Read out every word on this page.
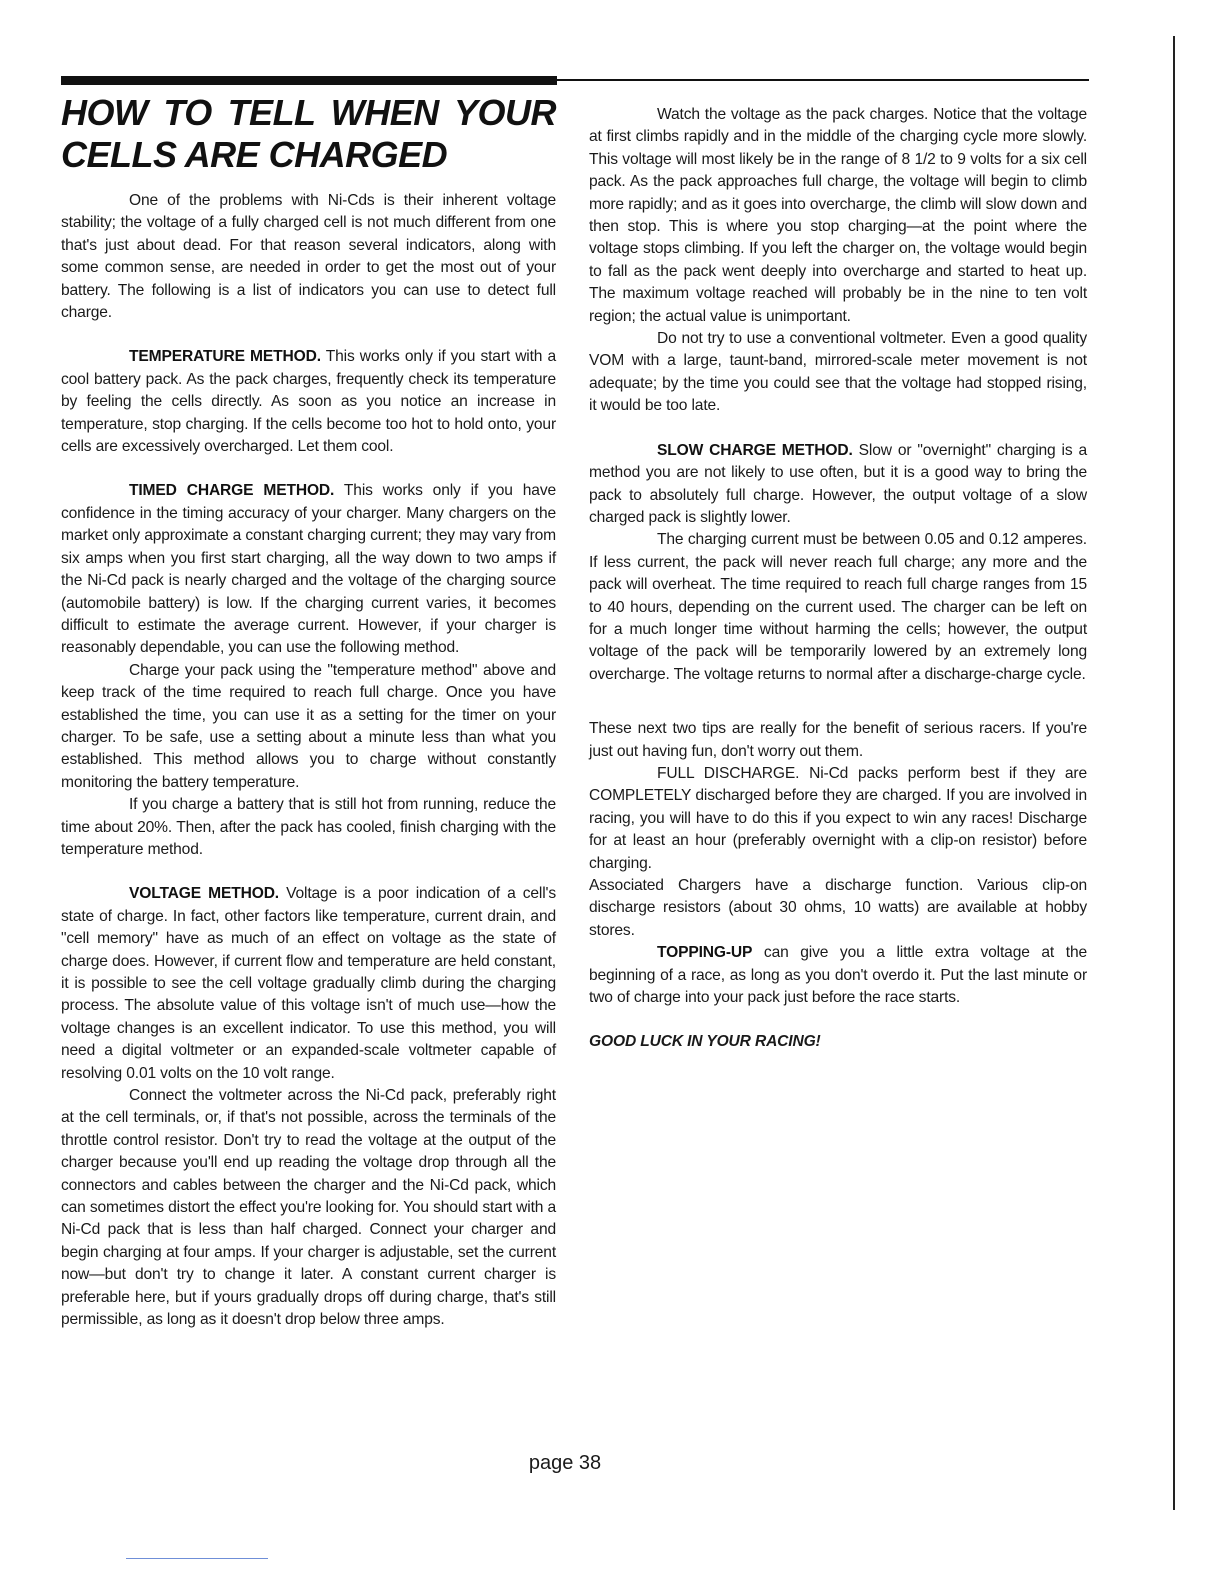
HOW TO TELL WHEN YOUR CELLS ARE CHARGED

One of the problems with Ni-Cds is their inherent voltage stability; the voltage of a fully charged cell is not much different from one that's just about dead. For that reason several indicators, along with some common sense, are needed in order to get the most out of your battery. The following is a list of indicators you can use to detect full charge.

TEMPERATURE METHOD. This works only if you start with a cool battery pack. As the pack charges, frequently check its temperature by feeling the cells directly. As soon as you notice an increase in temperature, stop charging. If the cells become too hot to hold onto, your cells are excessively overcharged. Let them cool.

TIMED CHARGE METHOD. This works only if you have confidence in the timing accuracy of your charger. Many chargers on the market only approximate a constant charging current; they may vary from six amps when you first start charging, all the way down to two amps if the Ni-Cd pack is nearly charged and the voltage of the charging source (automobile battery) is low. If the charging current varies, it becomes difficult to estimate the average current. However, if your charger is reasonably dependable, you can use the following method.

Charge your pack using the "temperature method" above and keep track of the time required to reach full charge. Once you have established the time, you can use it as a setting for the timer on your charger. To be safe, use a setting about a minute less than what you established. This method allows you to charge without constantly monitoring the battery temperature.

If you charge a battery that is still hot from running, reduce the time about 20%. Then, after the pack has cooled, finish charging with the temperature method.

VOLTAGE METHOD. Voltage is a poor indication of a cell's state of charge. In fact, other factors like temperature, current drain, and "cell memory" have as much of an effect on voltage as the state of charge does. However, if current flow and temperature are held constant, it is possible to see the cell voltage gradually climb during the charging process. The absolute value of this voltage isn't of much use—how the voltage changes is an excellent indicator. To use this method, you will need a digital voltmeter or an expanded-scale voltmeter capable of resolving 0.01 volts on the 10 volt range.

Connect the voltmeter across the Ni-Cd pack, preferably right at the cell terminals, or, if that's not possible, across the terminals of the throttle control resistor. Don't try to read the voltage at the output of the charger because you'll end up reading the voltage drop through all the connectors and cables between the charger and the Ni-Cd pack, which can sometimes distort the effect you're looking for. You should start with a Ni-Cd pack that is less than half charged. Connect your charger and begin charging at four amps. If your charger is adjustable, set the current now—but don't try to change it later. A constant current charger is preferable here, but if yours gradually drops off during charge, that's still permissible, as long as it doesn't drop below three amps.

Watch the voltage as the pack charges. Notice that the voltage at first climbs rapidly and in the middle of the charging cycle more slowly. This voltage will most likely be in the range of 8 1/2 to 9 volts for a six cell pack. As the pack approaches full charge, the voltage will begin to climb more rapidly; and as it goes into overcharge, the climb will slow down and then stop. This is where you stop charging—at the point where the voltage stops climbing. If you left the charger on, the voltage would begin to fall as the pack went deeply into overcharge and started to heat up. The maximum voltage reached will probably be in the nine to ten volt region; the actual value is unimportant.

Do not try to use a conventional voltmeter. Even a good quality VOM with a large, taunt-band, mirrored-scale meter movement is not adequate; by the time you could see that the voltage had stopped rising, it would be too late.

SLOW CHARGE METHOD. Slow or "overnight" charging is a method you are not likely to use often, but it is a good way to bring the pack to absolutely full charge. However, the output voltage of a slow charged pack is slightly lower.

The charging current must be between 0.05 and 0.12 amperes. If less current, the pack will never reach full charge; any more and the pack will overheat. The time required to reach full charge ranges from 15 to 40 hours, depending on the current used. The charger can be left on for a much longer time without harming the cells; however, the output voltage of the pack will be temporarily lowered by an extremely long overcharge. The voltage returns to normal after a discharge-charge cycle.

These next two tips are really for the benefit of serious racers. If you're just out having fun, don't worry out them.

FULL DISCHARGE. Ni-Cd packs perform best if they are COMPLETELY discharged before they are charged. If you are involved in racing, you will have to do this if you expect to win any races! Discharge for at least an hour (preferably overnight with a clip-on resistor) before charging.

Associated Chargers have a discharge function. Various clip-on discharge resistors (about 30 ohms, 10 watts) are available at hobby stores.

TOPPING-UP can give you a little extra voltage at the beginning of a race, as long as you don't overdo it. Put the last minute or two of charge into your pack just before the race starts.

GOOD LUCK IN YOUR RACING!

page 38
